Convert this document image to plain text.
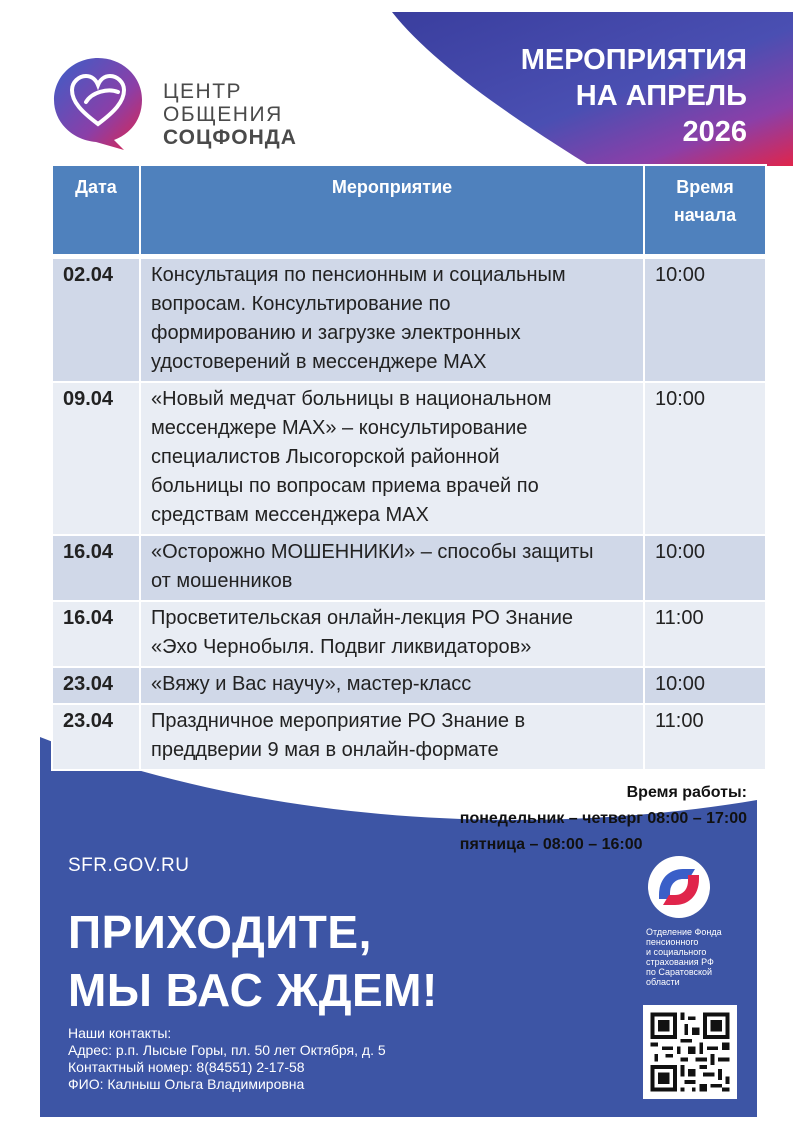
ЦЕНТР
ОБЩЕНИЯ
СОЦФОНДА
МЕРОПРИЯТИЯ
НА АПРЕЛЬ
2026
Дата	Мероприятие	Время
начала

02.04	Консультация по пенсионным и социальным
вопросам. Консультирование по
формированию и загрузке электронных
удостоверений в мессенджере МАХ	10:00
09.04	«Новый медчат больницы в национальном
мессенджере МАХ» – консультирование
специалистов Лысогорской районной
больницы по вопросам приема врачей по
средствам мессенджера МАХ	10:00
16.04	«Осторожно МОШЕННИКИ» – способы защиты
от мошенников	10:00
16.04	Просветительская онлайн-лекция РО Знание
«Эхо Чернобыля. Подвиг ликвидаторов»	11:00
23.04	«Вяжу и Вас научу», мастер-класс	10:00
23.04	Праздничное мероприятие РО Знание в
преддверии 9 мая в онлайн-формате	11:00
Время работы:
понедельник – четверг 08:00 – 17:00
пятница – 08:00 – 16:00
SFR.GOV.RU
ПРИХОДИТЕ,
МЫ ВАС ЖДЕМ!
Наши контакты:
Адрес: р.п. Лысые Горы, пл. 50 лет Октября, д. 5
Контактный номер: 8(84551) 2-17-58
ФИО: Калныш Ольга Владимировна
Отделение Фонда
пенсионного
и социального
страхования РФ
по Саратовской
области
